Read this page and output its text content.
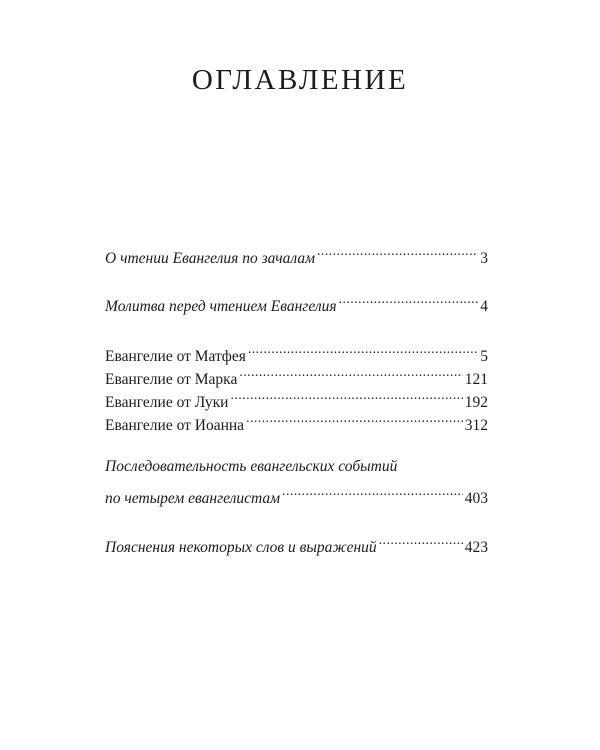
ОГЛАВЛЕНИЕ
О чтении Евангелия по зачалам .....	3
Молитва перед чтением Евангелия .....	4
Евангелие от Матфея .....	5
Евангелие от Марка .....	121
Евангелие от Луки .....	192
Евангелие от Иоанна .....	312
Последовательность евангельских событий
по четырем евангелистам .....	403
Пояснения некоторых слов и выражений .....	423
